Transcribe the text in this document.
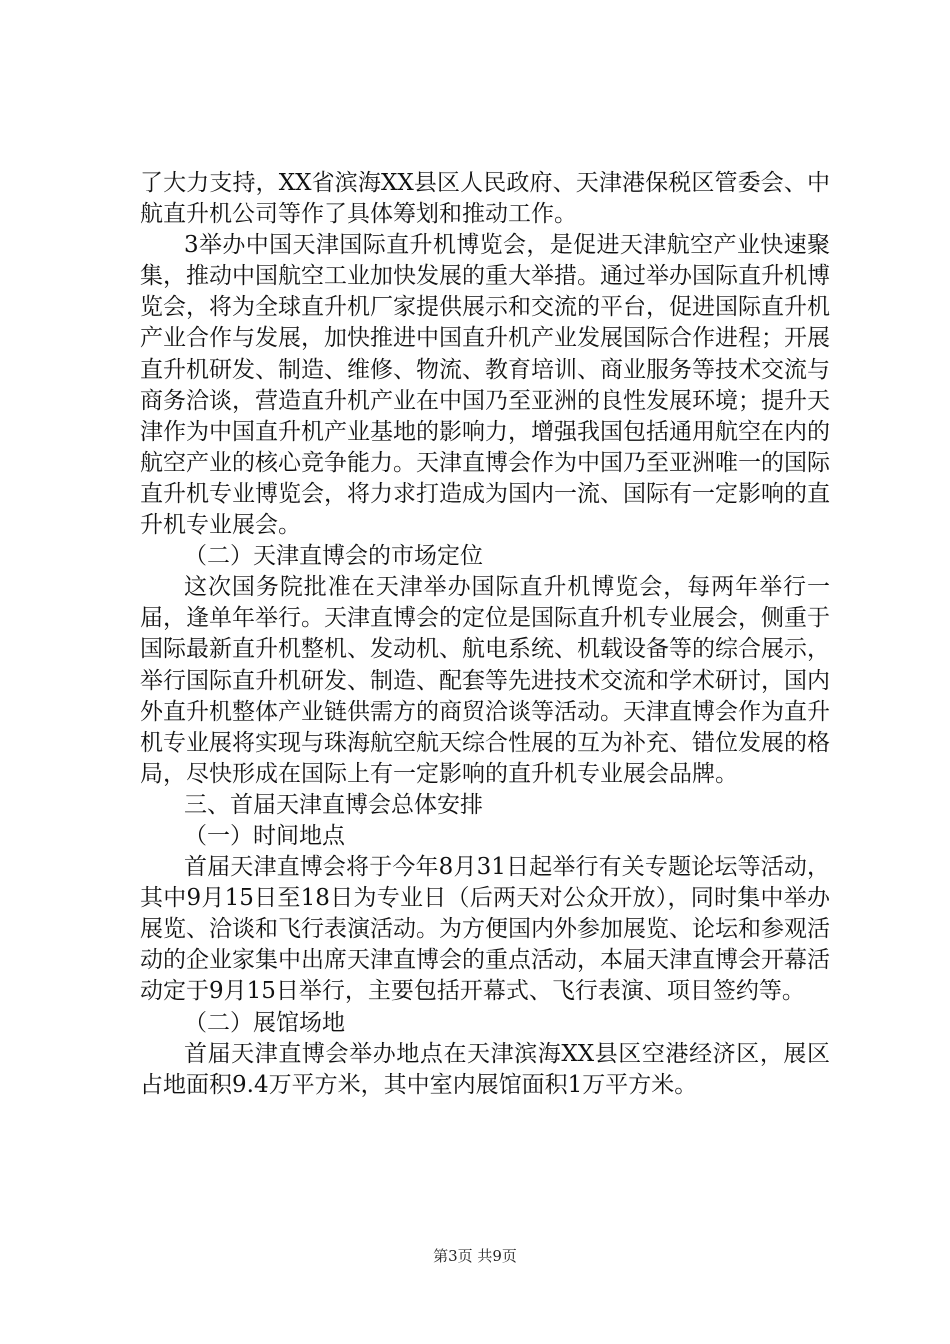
了大力支持，XX省滨海XX县区人民政府、天津港保税区管委会、中航直升机公司等作了具体筹划和推动工作。

3举办中国天津国际直升机博览会，是促进天津航空产业快速聚集，推动中国航空工业加快发展的重大举措。通过举办国际直升机博览会，将为全球直升机厂家提供展示和交流的平台，促进国际直升机产业合作与发展，加快推进中国直升机产业发展国际合作进程；开展直升机研发、制造、维修、物流、教育培训、商业服务等技术交流与商务洽谈，营造直升机产业在中国乃至亚洲的良性发展环境；提升天津作为中国直升机产业基地的影响力，增强我国包括通用航空在内的航空产业的核心竞争能力。天津直博会作为中国乃至亚洲唯一的国际直升机专业博览会，将力求打造成为国内一流、国际有一定影响的直升机专业展会。

（二）天津直博会的市场定位

这次国务院批准在天津举办国际直升机博览会，每两年举行一届，逢单年举行。天津直博会的定位是国际直升机专业展会，侧重于国际最新直升机整机、发动机、航电系统、机载设备等的综合展示，举行国际直升机研发、制造、配套等先进技术交流和学术研讨，国内外直升机整体产业链供需方的商贸洽谈等活动。天津直博会作为直升机专业展将实现与珠海航空航天综合性展的互为补充、错位发展的格局，尽快形成在国际上有一定影响的直升机专业展会品牌。

三、首届天津直博会总体安排

（一）时间地点

首届天津直博会将于今年8月31日起举行有关专题论坛等活动，其中9月15日至18日为专业日（后两天对公众开放），同时集中举办展览、洽谈和飞行表演活动。为方便国内外参加展览、论坛和参观活动的企业家集中出席天津直博会的重点活动，本届天津直博会开幕活动定于9月15日举行，主要包括开幕式、飞行表演、项目签约等。

（二）展馆场地

首届天津直博会举办地点在天津滨海XX县区空港经济区，展区占地面积9.4万平方米，其中室内展馆面积1万平方米。

第3页 共9页
